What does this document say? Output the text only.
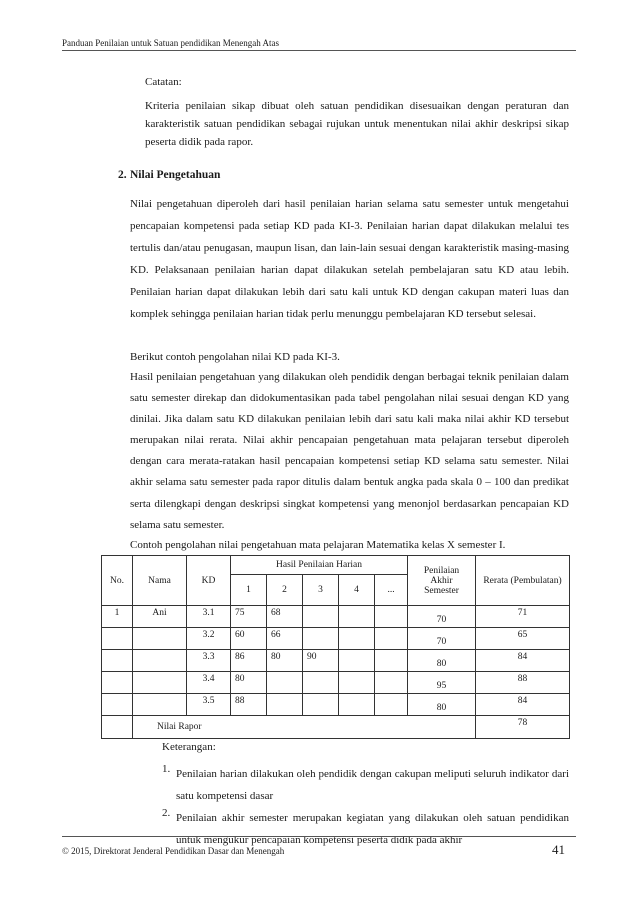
Panduan Penilaian untuk Satuan pendidikan Menengah Atas

Catatan:

Kriteria penilaian sikap dibuat oleh satuan pendidikan disesuaikan dengan peraturan dan karakteristik satuan pendidikan sebagai rujukan untuk menentukan nilai akhir deskripsi sikap peserta didik pada rapor.

2. Nilai Pengetahuan

Nilai pengetahuan diperoleh dari hasil penilaian harian selama satu semester untuk mengetahui pencapaian kompetensi pada setiap KD pada KI-3. Penilaian harian dapat dilakukan melalui tes tertulis dan/atau penugasan, maupun lisan, dan lain-lain sesuai dengan karakteristik masing-masing KD. Pelaksanaan penilaian harian dapat dilakukan setelah pembelajaran satu KD atau lebih. Penilaian harian dapat dilakukan lebih dari satu kali untuk KD dengan cakupan materi luas dan komplek sehingga penilaian harian tidak perlu menunggu pembelajaran KD tersebut selesai.

Berikut contoh pengolahan nilai KD pada KI-3.

Hasil penilaian pengetahuan yang dilakukan oleh pendidik dengan berbagai teknik penilaian dalam satu semester direkap dan didokumentasikan pada tabel pengolahan nilai sesuai dengan KD yang dinilai. Jika dalam satu KD dilakukan penilaian lebih dari satu kali maka nilai akhir KD tersebut merupakan nilai rerata. Nilai akhir pencapaian pengetahuan mata pelajaran tersebut diperoleh dengan cara merata-ratakan hasil pencapaian kompetensi setiap KD selama satu semester. Nilai akhir selama satu semester pada rapor ditulis dalam bentuk angka pada skala 0 – 100 dan predikat serta dilengkapi dengan deskripsi singkat kompetensi yang menonjol berdasarkan pencapaian KD selama satu semester.

Contoh pengolahan nilai pengetahuan mata pelajaran Matematika kelas X semester I.

No.	Nama	KD	Hasil Penilaian Harian					Penilaian Akhir Semester	Rerata (Pembulatan)
			1	2	3	4	...		
1	Ani	3.1	75	68				70	71
		3.2	60	66				70	65
		3.3	86	80	90			80	84
		3.4	80					95	88
		3.5	88					80	84
	Nilai Rapor								78

Keterangan:

1. Penilaian harian dilakukan oleh pendidik dengan cakupan meliputi seluruh indikator dari satu kompetensi dasar
2. Penilaian akhir semester merupakan kegiatan yang dilakukan oleh satuan pendidikan untuk mengukur pencapaian kompetensi peserta didik pada akhir
© 2015, Direktorat Jenderal Pendidikan Dasar dan Menengah	41
